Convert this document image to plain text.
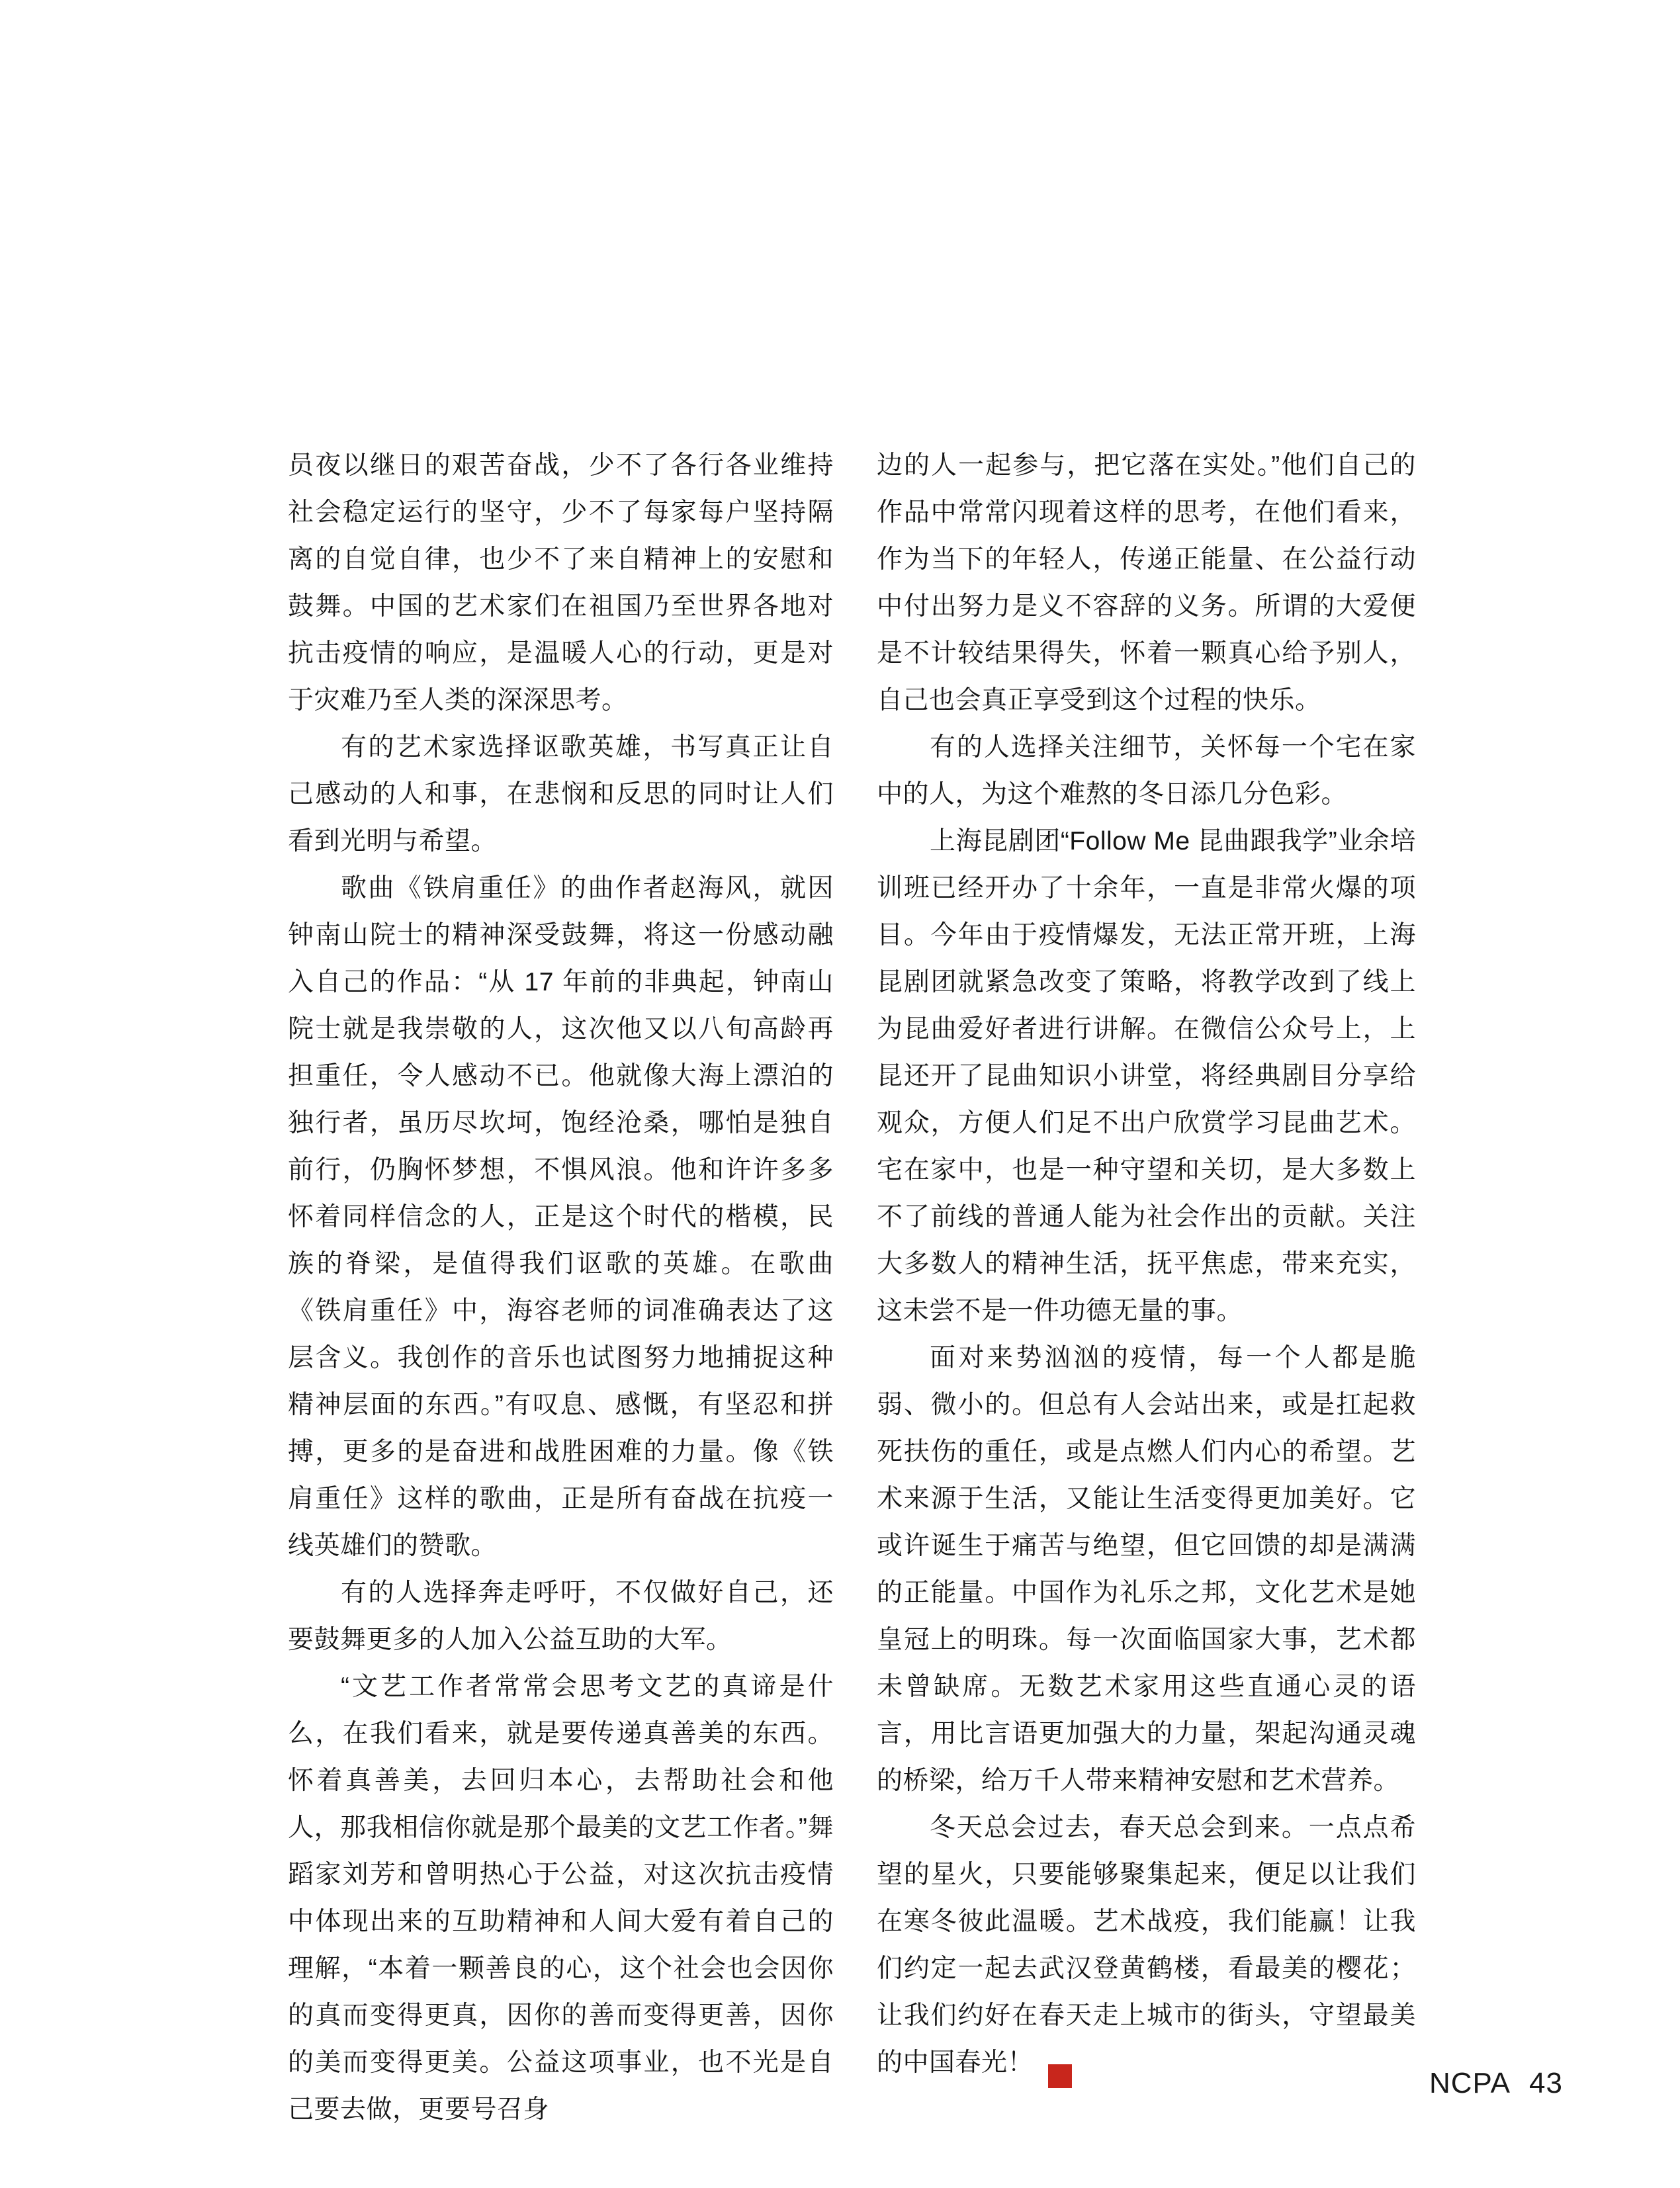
员夜以继日的艰苦奋战，少不了各行各业维持社会稳定运行的坚守，少不了每家每户坚持隔离的自觉自律，也少不了来自精神上的安慰和鼓舞。中国的艺术家们在祖国乃至世界各地对抗击疫情的响应，是温暖人心的行动，更是对于灾难乃至人类的深深思考。

有的艺术家选择讴歌英雄，书写真正让自己感动的人和事，在悲悯和反思的同时让人们看到光明与希望。

歌曲《铁肩重任》的曲作者赵海风，就因钟南山院士的精神深受鼓舞，将这一份感动融入自己的作品：“从 17 年前的非典起，钟南山院士就是我崇敬的人，这次他又以八旬高龄再担重任，令人感动不已。他就像大海上漂泊的独行者，虽历尽坎坷，饱经沧桑，哪怕是独自前行，仍胸怀梦想，不惧风浪。他和许许多多怀着同样信念的人，正是这个时代的楷模，民族的脊梁，是值得我们讴歌的英雄。在歌曲《铁肩重任》中，海容老师的词准确表达了这层含义。我创作的音乐也试图努力地捕捉这种精神层面的东西。”有叹息、感慨，有坚忍和拼搏，更多的是奋进和战胜困难的力量。像《铁肩重任》这样的歌曲，正是所有奋战在抗疫一线英雄们的赞歌。

有的人选择奔走呼吁，不仅做好自己，还要鼓舞更多的人加入公益互助的大军。

“文艺工作者常常会思考文艺的真谛是什么，在我们看来，就是要传递真善美的东西。怀着真善美，去回归本心，去帮助社会和他人，那我相信你就是那个最美的文艺工作者。”舞蹈家刘芳和曾明热心于公益，对这次抗击疫情中体现出来的互助精神和人间大爱有着自己的理解，“本着一颗善良的心，这个社会也会因你的真而变得更真，因你的善而变得更善，因你的美而变得更美。公益这项事业，也不光是自己要去做，更要号召身

边的人一起参与，把它落在实处。”他们自己的作品中常常闪现着这样的思考，在他们看来，作为当下的年轻人，传递正能量、在公益行动中付出努力是义不容辞的义务。所谓的大爱便是不计较结果得失，怀着一颗真心给予别人，自己也会真正享受到这个过程的快乐。

有的人选择关注细节，关怀每一个宅在家中的人，为这个难熬的冬日添几分色彩。

上海昆剧团“Follow Me 昆曲跟我学”业余培训班已经开办了十余年，一直是非常火爆的项目。今年由于疫情爆发，无法正常开班，上海昆剧团就紧急改变了策略，将教学改到了线上为昆曲爱好者进行讲解。在微信公众号上，上昆还开了昆曲知识小讲堂，将经典剧目分享给观众，方便人们足不出户欣赏学习昆曲艺术。宅在家中，也是一种守望和关切，是大多数上不了前线的普通人能为社会作出的贡献。关注大多数人的精神生活，抚平焦虑，带来充实，这未尝不是一件功德无量的事。

面对来势汹汹的疫情，每一个人都是脆弱、微小的。但总有人会站出来，或是扛起救死扶伤的重任，或是点燃人们内心的希望。艺术来源于生活，又能让生活变得更加美好。它或许诞生于痛苦与绝望，但它回馈的却是满满的正能量。中国作为礼乐之邦，文化艺术是她皇冠上的明珠。每一次面临国家大事，艺术都未曾缺席。无数艺术家用这些直通心灵的语言，用比言语更加强大的力量，架起沟通灵魂的桥梁，给万千人带来精神安慰和艺术营养。

冬天总会过去，春天总会到来。一点点希望的星火，只要能够聚集起来，便足以让我们在寒冬彼此温暖。艺术战疫，我们能赢！让我们约定一起去武汉登黄鹤楼，看最美的樱花；让我们约好在春天走上城市的街头，守望最美的中国春光！	NC
PA	NCPA 43
